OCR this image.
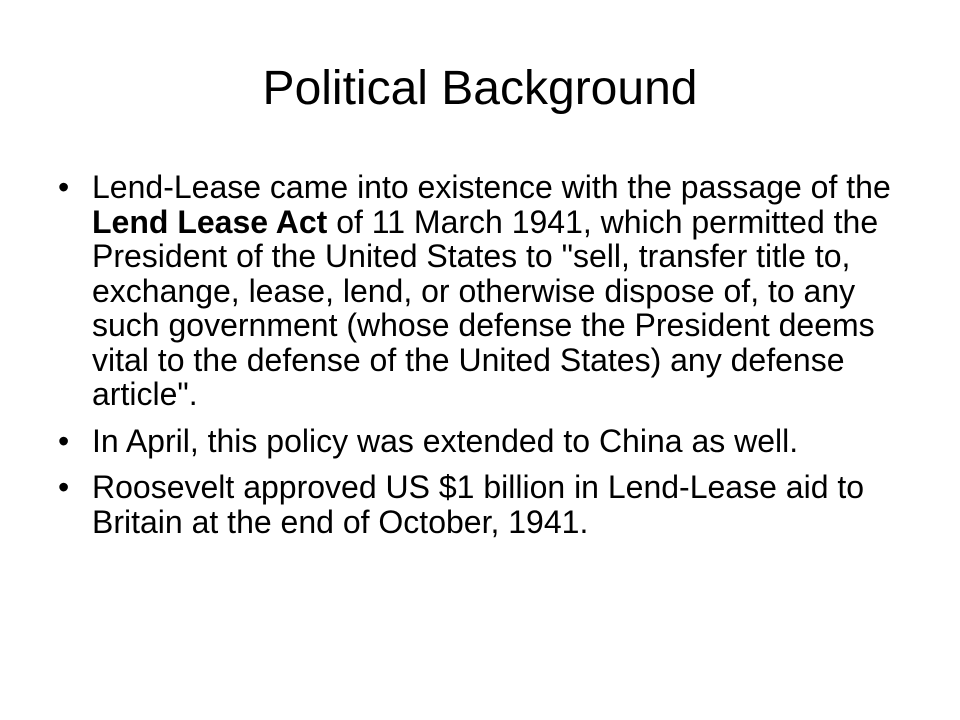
Political Background
• Lend-Lease came into existence with the passage of the Lend Lease Act of 11 March 1941, which permitted the President of the United States to "sell, transfer title to, exchange, lease, lend, or otherwise dispose of, to any such government (whose defense the President deems vital to the defense of the United States) any defense article".
• In April, this policy was extended to China as well.
• Roosevelt approved US $1 billion in Lend-Lease aid to Britain at the end of October, 1941.
